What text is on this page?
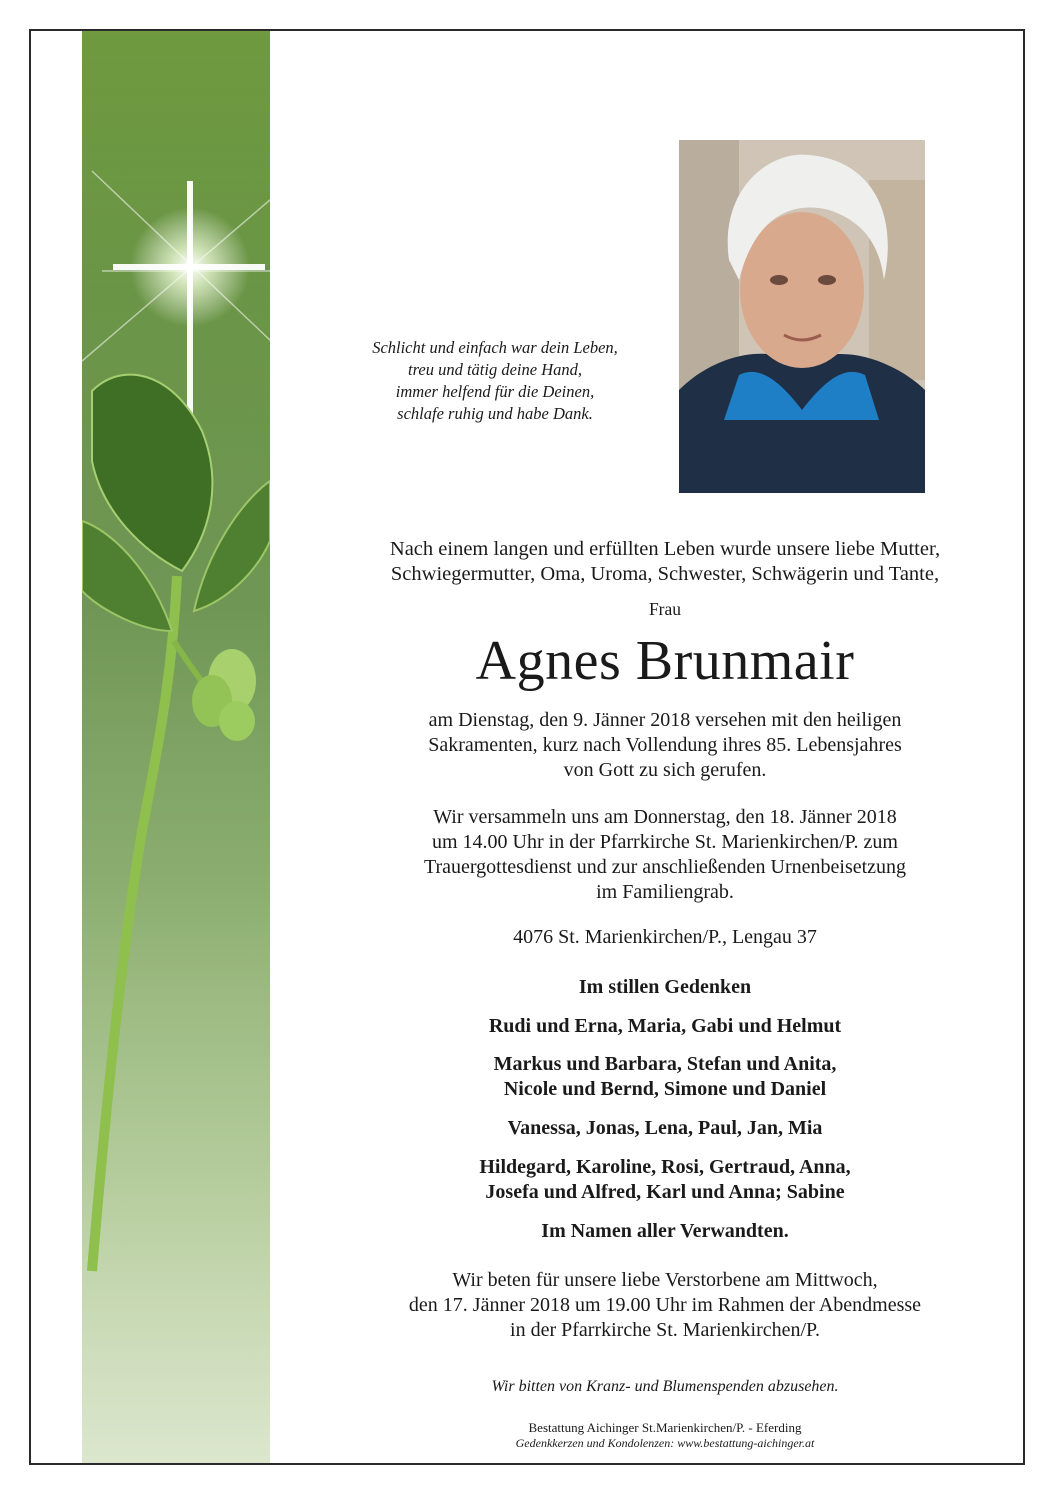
Schlicht und einfach war dein Leben,
treu und tätig deine Hand,
immer helfend für die Deinen,
schlafe ruhig und habe Dank.
Nach einem langen und erfüllten Leben wurde unsere liebe Mutter,
Schwiegermutter, Oma, Uroma, Schwester, Schwägerin und Tante,
Frau
Agnes Brunmair
am Dienstag, den 9. Jänner 2018 versehen mit den heiligen
Sakramenten, kurz nach Vollendung ihres 85. Lebensjahres
von Gott zu sich gerufen.
Wir versammeln uns am Donnerstag, den 18. Jänner 2018
um 14.00 Uhr in der Pfarrkirche St. Marienkirchen/P. zum
Trauergottesdienst und zur anschließenden Urnenbeisetzung
im Familiengrab.
4076 St. Marienkirchen/P., Lengau 37
Im stillen Gedenken
Rudi und Erna, Maria, Gabi und Helmut
Markus und Barbara, Stefan und Anita,
Nicole und Bernd, Simone und Daniel
Vanessa, Jonas, Lena, Paul, Jan, Mia
Hildegard, Karoline, Rosi, Gertraud, Anna,
Josefa und Alfred, Karl und Anna; Sabine
Im Namen aller Verwandten.
Wir beten für unsere liebe Verstorbene am Mittwoch,
den 17. Jänner 2018 um 19.00 Uhr im Rahmen der Abendmesse
in der Pfarrkirche St. Marienkirchen/P.
Wir bitten von Kranz- und Blumenspenden abzusehen.
Bestattung Aichinger St.Marienkirchen/P. - Eferding
Gedenkkerzen und Kondolenzen: www.bestattung-aichinger.at
